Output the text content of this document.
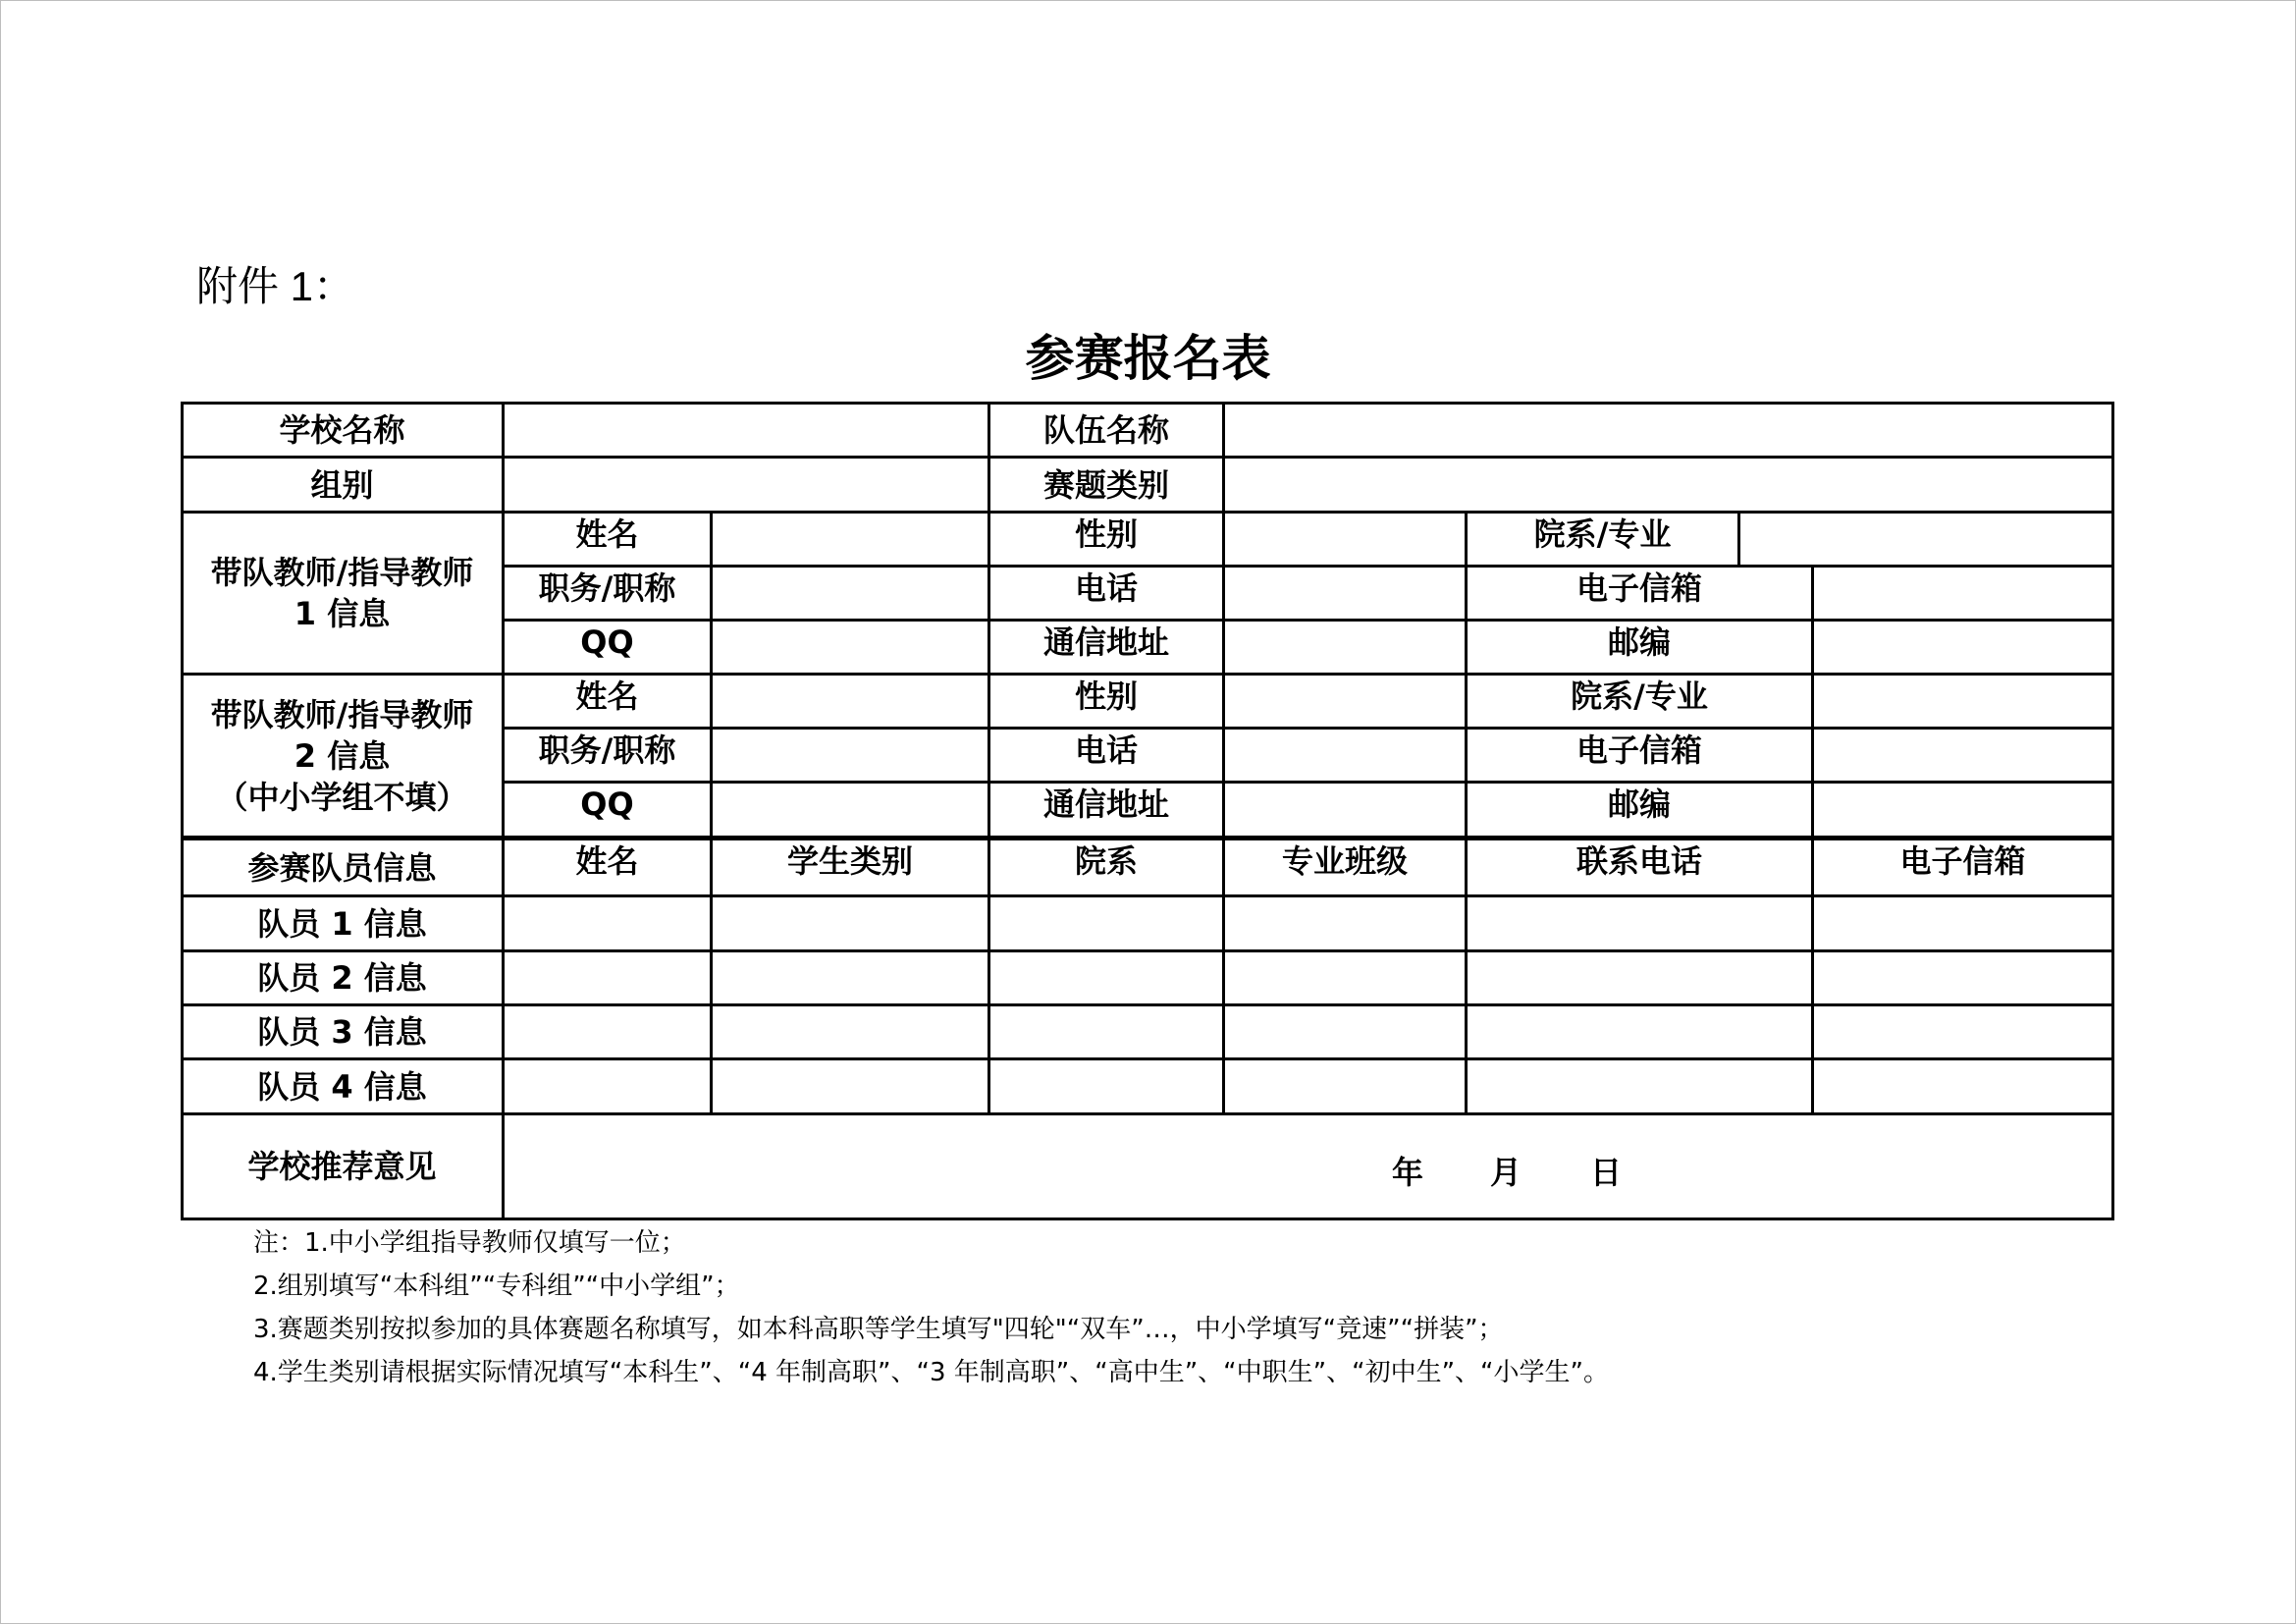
附件 1：
参赛报名表
学校名称	队伍名称
组别	赛题类别
带队教师/指导教师
1 信息
姓名	性别	院系/专业
职务/职称	电话	电子信箱
QQ	通信地址	邮编
带队教师/指导教师
2 信息
（中小学组不填）
姓名	性别	院系/专业
职务/职称	电话	电子信箱
QQ	通信地址	邮编
参赛队员信息	姓名	学生类别	院系	专业班级	联系电话	电子信箱
队员 1 信息
队员 2 信息
队员 3 信息
队员 4 信息
学校推荐意见	年 月 日

注：1.中小学组指导教师仅填写一位；

2.组别填写“本科组”“专科组”“中小学组”；

3.赛题类别按拟参加的具体赛题名称填写，如本科高职等学生填写"四轮"“双车”…，中小学填写“竞速”“拼装”；

4.学生类别请根据实际情况填写“本科生”、“4 年制高职”、“3 年制高职”、“高中生”、“中职生”、“初中生”、“小学生”。
